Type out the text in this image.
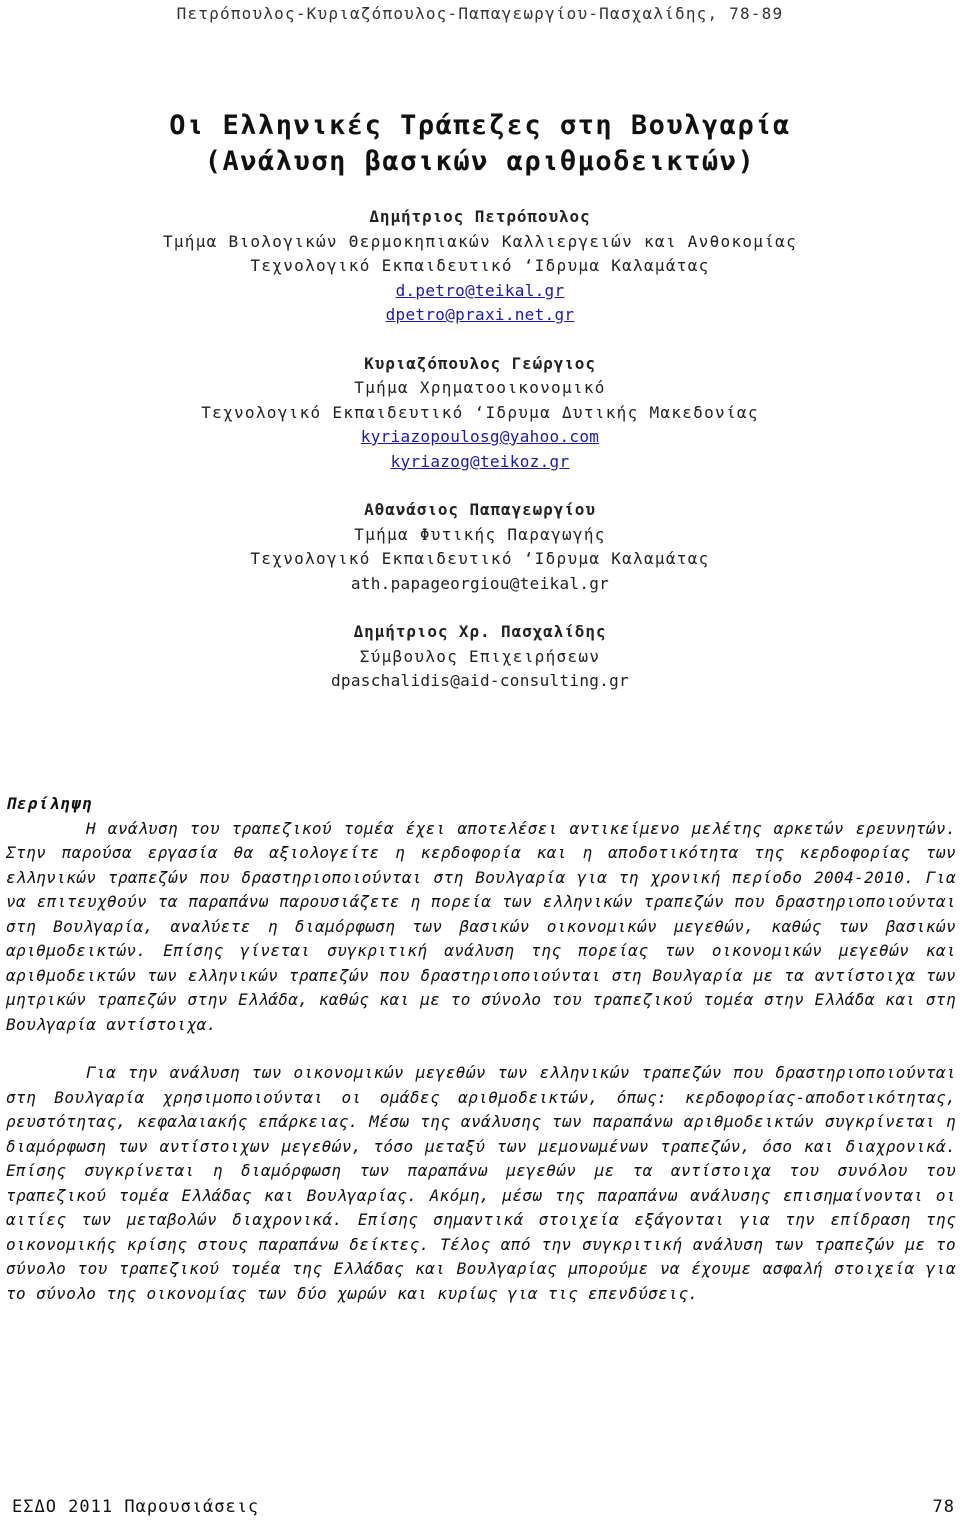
Πετρόπουλος-Κυριαζόπουλος-Παπαγεωργίου-Πασχαλίδης, 78-89
Οι Ελληνικές Τράπεζες στη Βουλγαρία
(Ανάλυση βασικών αριθμοδεικτών)
Δημήτριος Πετρόπουλος
Τμήμα Βιολογικών Θερμοκηπιακών Καλλιεργειών και Ανθοκομίας
Τεχνολογικό Εκπαιδευτικό ‘Ιδρυμα Καλαμάτας
d.petro@teikal.gr
dpetro@praxi.net.gr
Κυριαζόπουλος Γεώργιος
Τμήμα Χρηματοοικονομικό
Τεχνολογικό Εκπαιδευτικό ‘Ιδρυμα Δυτικής Μακεδονίας
kyriazopoulosg@yahoo.com
kyriazog@teikoz.gr
Αθανάσιος Παπαγεωργίου
Τμήμα Φυτικής Παραγωγής
Τεχνολογικό Εκπαιδευτικό ‘Ιδρυμα Καλαμάτας
ath.papageorgiou@teikal.gr
Δημήτριος Χρ. Πασχαλίδης
Σύμβουλος Επιχειρήσεων
dpaschalidis@aid-consulting.gr
Περίληψη
Η ανάλυση του τραπεζικού τομέα έχει αποτελέσει αντικείμενο μελέτης αρκετών ερευνητών. Στην παρούσα εργασία θα αξιολογείτε η κερδοφορία και η αποδοτικότητα της κερδοφορίας των ελληνικών τραπεζών που δραστηριοποιούνται στη Βουλγαρία για τη χρονική περίοδο 2004-2010. Για να επιτευχθούν τα παραπάνω παρουσιάζετε η πορεία των ελληνικών τραπεζών που δραστηριοποιούνται στη Βουλγαρία, αναλύετε η διαμόρφωση των βασικών οικονομικών μεγεθών, καθώς των βασικών αριθμοδεικτών. Επίσης γίνεται συγκριτική ανάλυση της πορείας των οικονομικών μεγεθών και αριθμοδεικτών των ελληνικών τραπεζών που δραστηριοποιούνται στη Βουλγαρία με τα αντίστοιχα των μητρικών τραπεζών στην Ελλάδα, καθώς και με το σύνολο του τραπεζικού τομέα στην Ελλάδα και στη Βουλγαρία αντίστοιχα.
Για την ανάλυση των οικονομικών μεγεθών των ελληνικών τραπεζών που δραστηριοποιούνται στη Βουλγαρία χρησιμοποιούνται οι ομάδες αριθμοδεικτών, όπως: κερδοφορίας-αποδοτικότητας, ρευστότητας, κεφαλαιακής επάρκειας. Μέσω της ανάλυσης των παραπάνω αριθμοδεικτών συγκρίνεται η διαμόρφωση των αντίστοιχων μεγεθών, τόσο μεταξύ των μεμονωμένων τραπεζών, όσο και διαχρονικά. Επίσης συγκρίνεται η διαμόρφωση των παραπάνω μεγεθών με τα αντίστοιχα του συνόλου του τραπεζικού τομέα Ελλάδας και Βουλγαρίας. Ακόμη, μέσω της παραπάνω ανάλυσης επισημαίνονται οι αιτίες των μεταβολών διαχρονικά. Επίσης σημαντικά στοιχεία εξάγονται για την επίδραση της οικονομικής κρίσης στους παραπάνω δείκτες. Τέλος από την συγκριτική ανάλυση των τραπεζών με το σύνολο του τραπεζικού τομέα της Ελλάδας και Βουλγαρίας μπορούμε να έχουμε ασφαλή στοιχεία για το σύνολο της οικονομίας των δύο χωρών και κυρίως για τις επενδύσεις.
ΕΣΔΟ 2011 Παρουσιάσεις	78
